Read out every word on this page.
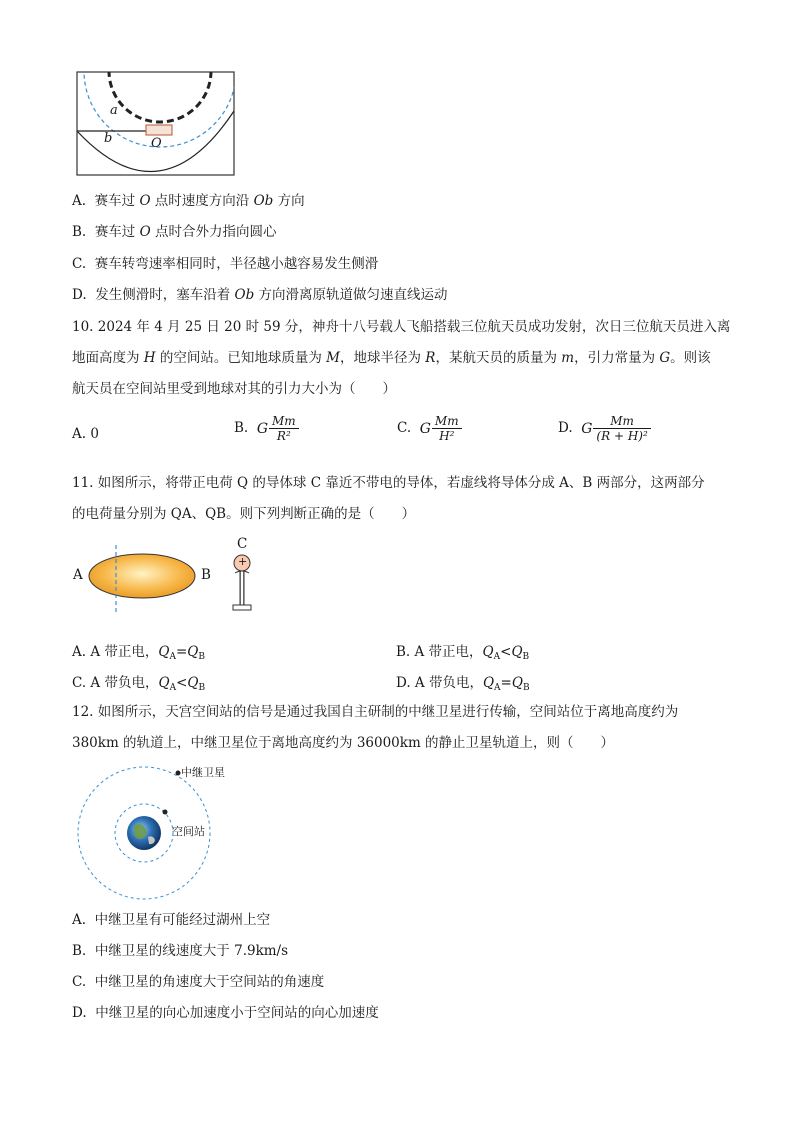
a
b	O
A. 赛车过 O 点时速度方向沿 Ob 方向
B. 赛车过 O 点时合外力指向圆心
C. 赛车转弯速率相同时，半径越小越容易发生侧滑
D. 发生侧滑时，塞车沿着 Ob 方向滑离原轨道做匀速直线运动
10. 2024 年 4 月 25 日 20 时 59 分，神舟十八号载人飞船搭载三位航天员成功发射，次日三位航天员进入离
地面高度为 H 的空间站。已知地球质量为 M，地球半径为 R，某航天员的质量为 m，引力常量为 G。则该
航天员在空间站里受到地球对其的引力大小为（　　）
A. 0	B. G $\frac{Mm}{\text{R²}}$	C. G $\frac{Mm}{\text{H²}}$	D. G $\frac{Mm}{\text{(R + H)²}}$
11. 如图所示，将带正电荷 Q 的导体球 C 靠近不带电的导体，若虚线将导体分成 A、B 两部分，这两部分
的电荷量分别为 QA、QB。则下列判断正确的是（　　）
A	B
C
+
A. A 带正电，$Q_A=Q_B$	B. A 带正电，$Q_A<Q_B$
C. A 带负电，$Q_A<Q_B$	D. A 带负电，$Q_A=Q_B$
12. 如图所示，天宫空间站的信号是通过我国自主研制的中继卫星进行传输，空间站位于离地高度约为
380km 的轨道上，中继卫星位于离地高度约为 36000km 的静止卫星轨道上，则（　　）
中继卫星
空间站
A. 中继卫星有可能经过湖州上空
B. 中继卫星的线速度大于 7.9km/s
C. 中继卫星的角速度大于空间站的角速度
D. 中继卫星的向心加速度小于空间站的向心加速度
